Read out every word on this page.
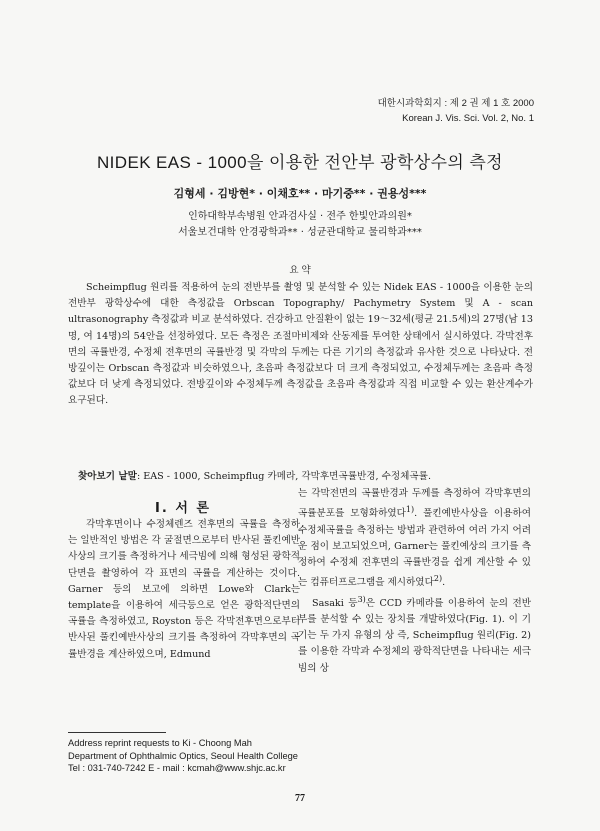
대한시과학회지 : 제 2 권 제 1 호 2000
Korean J. Vis. Sci. Vol. 2, No. 1
NIDEK EAS - 1000을 이용한 전안부 광학상수의 측정
김형세 · 김방현* · 이채호** · 마기중** · 권용성***
인하대학부속병원 안과검사실 · 전주 한빛안과의원*
서울보건대학 안경광학과** · 성균관대학교 물리학과***
요 약

Scheimpflug 원리를 적용하여 눈의 전반부를 촬영 및 분석할 수 있는 Nidek EAS - 1000을 이용한 눈의 전반부 광학상수에 대한 측정값을 Orbscan Topography/ Pachymetry System 및 A - scan ultrasonography 측정값과 비교 분석하였다. 건강하고 안질환이 없는 19～32세(평균 21.5세)의 27명(남 13명, 여 14명)의 54안을 선정하였다. 모든 측정은 조절마비제와 산동제를 투여한 상태에서 실시하였다. 각막전후면의 곡률반경, 수정체 전후면의 곡률반경 및 각막의 두께는 다른 기기의 측정값과 유사한 것으로 나타났다. 전방깊이는 Orbscan 측정값과 비슷하였으나, 초음파 측정값보다 더 크게 측정되었고, 수정체두께는 초음파 측정값보다 더 낮게 측정되었다. 전방깊이와 수정체두께 측정값을 초음파 측정값과 직접 비교할 수 있는 환산계수가 요구된다.

찾아보기 낱말: EAS - 1000, Scheimpflug 카메라, 각막후면곡률반경, 수정체곡률.
I. 서 론

각막후면이나 수정체렌즈 전후면의 곡률을 측정하는 일반적인 방법은 각 굴절면으로부터 반사된 풀킨예반사상의 크기를 측정하거나 세극빔에 의해 형성된 광학적단면을 촬영하여 각 표면의 곡률을 계산하는 것이다. Garner 등의 보고에 의하면 Lowe와 Clark는 template을 이용하여 세극등으로 얻은 광학적단면의 곡률을 측정하였고, Royston 등은 각막전후면으로부터 반사된 풀킨예반사상의 크기를 측정하여 각막후면의 곡률반경을 계산하였으며, Edmund

는 각막전면의 곡률반경과 두께를 측정하여 각막후면의 곡률분포를 모형화하였다$^{1)}$. 풀킨예반사상을 이용하여 수정체곡률을 측정하는 방법과 관련하여 여러 가지 어려운 점이 보고되었으며, Garner는 풀킨예상의 크기를 측정하여 수정체 전후면의 곡률반경을 쉽게 계산할 수 있는 컴퓨터프로그램을 제시하였다$^{2)}$.

Sasaki 등$^{3)}$은 CCD 카메라를 이용하여 눈의 전반부를 분석할 수 있는 장치를 개발하였다(Fig. 1). 이 기기는 두 가지 유형의 상 즉, Scheimpflug 원리(Fig. 2)를 이용한 각막과 수정체의 광학적단면을 나타내는 세극빔의 상

Address reprint requests to Ki - Choong Mah
Department of Ophthalmic Optics, Seoul Health College
Tel : 031-740-7242 E - mail : kcmah@www.shjc.ac.kr
77
